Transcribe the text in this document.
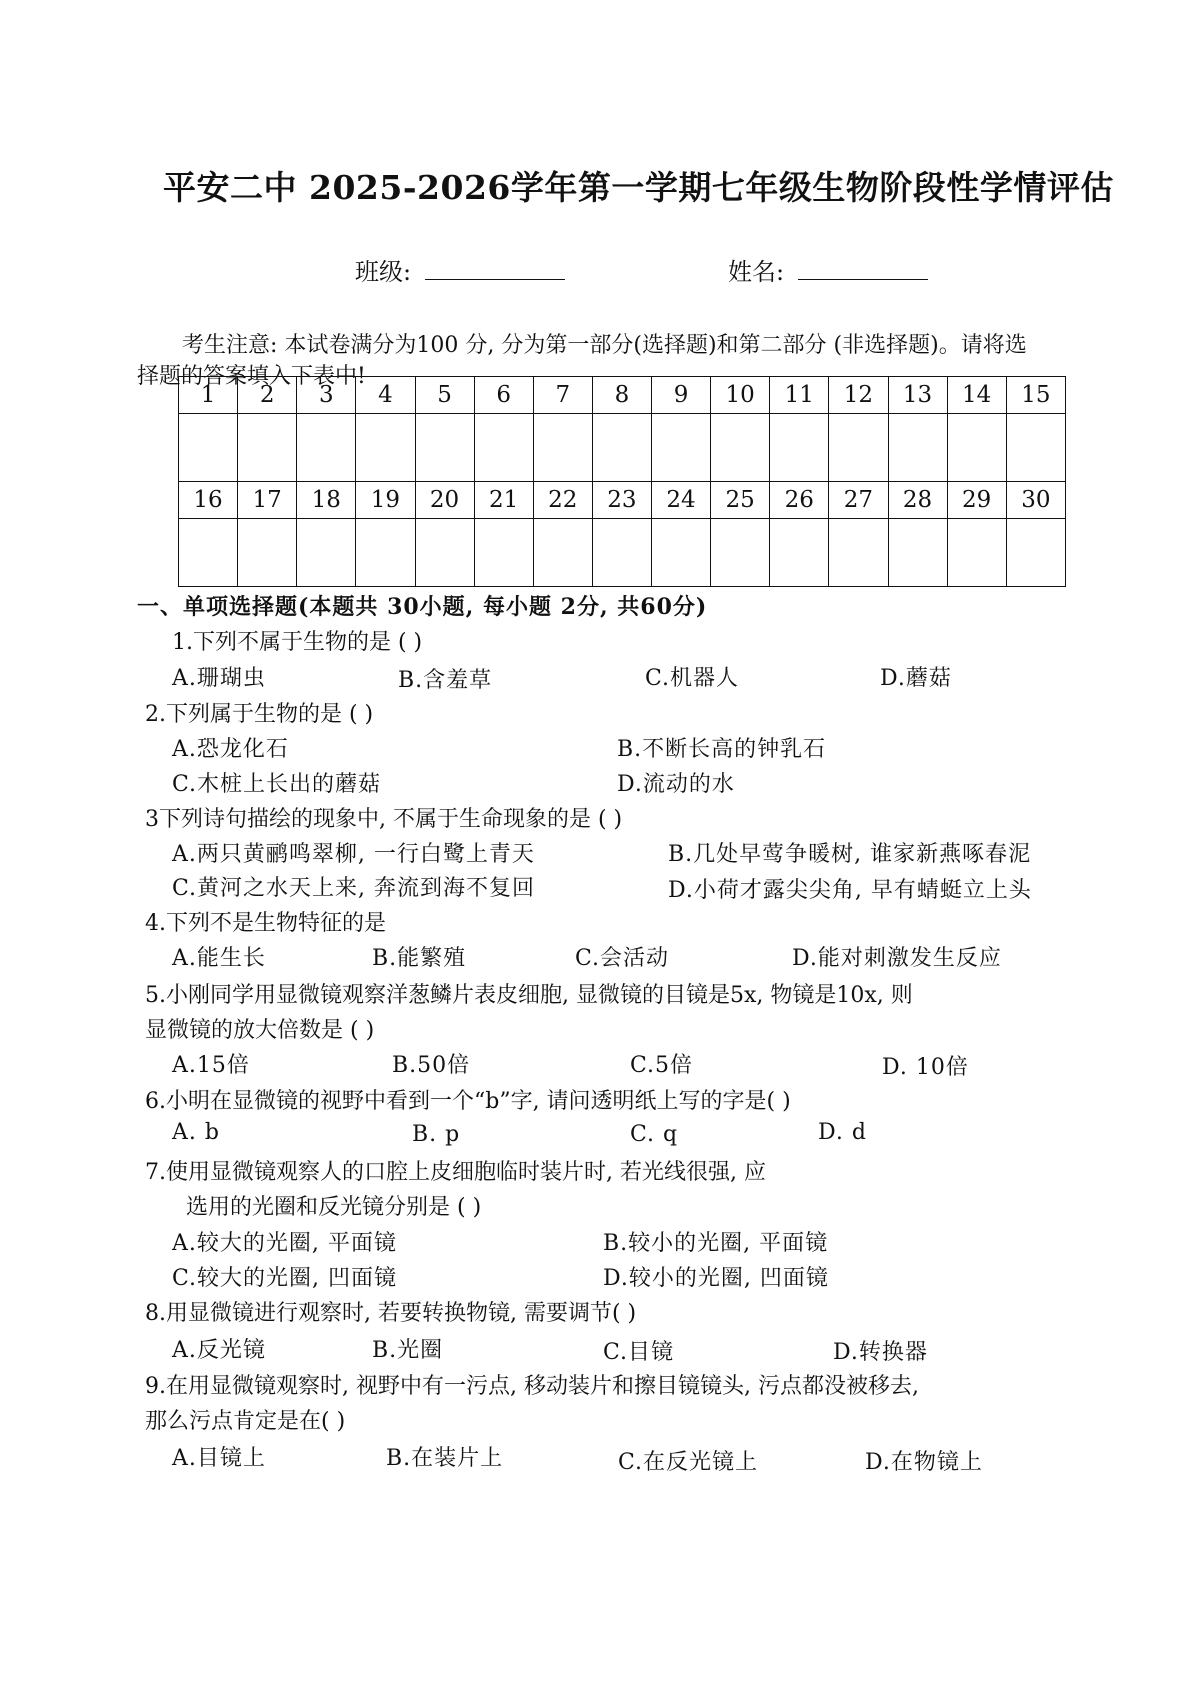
平安二中 2025-2026学年第一学期七年级生物阶段性学情评估
班级:	姓名:
考生注意: 本试卷满分为100 分, 分为第一部分(选择题)和第二部分 (非选择题)。请将选
择题的答案填入下表中!
1	2	3	4	5	6	7	8	9	10	11	12	13	14	15

16	17	18	19	20	21	22	23	24	25	26	27	28	29	30

一、单项选择题(本题共 30小题, 每小题 2分, 共60分)
1.下列不属于生物的是 ( )
A.珊瑚虫	B.含羞草	C.机器人	D.蘑菇
2.下列属于生物的是 ( )
A.恐龙化石	B.不断长高的钟乳石
C.木桩上长出的蘑菇	D.流动的水
3下列诗句描绘的现象中, 不属于生命现象的是 ( )
A.两只黄鹂鸣翠柳, 一行白鹭上青天	B.几处早莺争暖树, 谁家新燕啄春泥
C.黄河之水天上来, 奔流到海不复回	D.小荷才露尖尖角, 早有蜻蜓立上头
4.下列不是生物特征的是
A.能生长	B.能繁殖	C.会活动	D.能对刺激发生反应
5.小刚同学用显微镜观察洋葱鳞片表皮细胞, 显微镜的目镜是5x, 物镜是10x, 则
显微镜的放大倍数是 ( )
A.15倍	B.50倍	C.5倍	D. 10倍
6.小明在显微镜的视野中看到一个“b”字, 请问透明纸上写的字是( )
A. b	B. p	C. q	D. d
7.使用显微镜观察人的口腔上皮细胞临时装片时, 若光线很强, 应
选用的光圈和反光镜分别是 ( )
A.较大的光圈, 平面镜	B.较小的光圈, 平面镜
C.较大的光圈, 凹面镜	D.较小的光圈, 凹面镜
8.用显微镜进行观察时, 若要转换物镜, 需要调节( )
A.反光镜	B.光圈	C.目镜	D.转换器
9.在用显微镜观察时, 视野中有一污点, 移动装片和擦目镜镜头, 污点都没被移去,
那么污点肯定是在( )
A.目镜上	B.在装片上	C.在反光镜上	D.在物镜上
